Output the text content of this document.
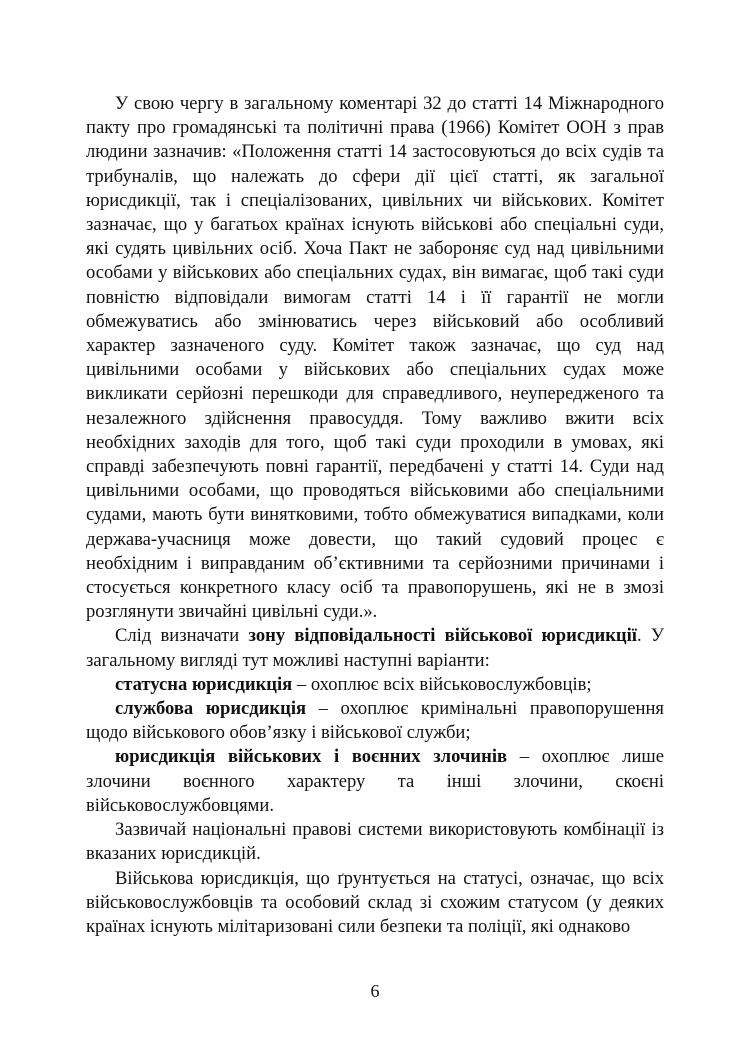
У свою чергу в загальному коментарі 32 до статті 14 Міжнародного пакту про громадянські та політичні права (1966) Комітет ООН з прав людини зазначив: «Положення статті 14 застосовуються до всіх судів та трибуналів, що належать до сфери дії цієї статті, як загальної юрисдикції, так і спеціалізованих, цивільних чи військових. Комітет зазначає, що у багатьох країнах існують військові або спеціальні суди, які судять цивільних осіб. Хоча Пакт не забороняє суд над цивільними особами у військових або спеціальних судах, він вимагає, щоб такі суди повністю відповідали вимогам статті 14 і її гарантії не могли обмежуватись або змінюватись через військовий або особливий характер зазначеного суду. Комітет також зазначає, що суд над цивільними особами у військових або спеціальних судах може викликати серйозні перешкоди для справедливого, неупередженого та незалежного здійснення правосуддя. Тому важливо вжити всіх необхідних заходів для того, щоб такі суди проходили в умовах, які справді забезпечують повні гарантії, передбачені у статті 14. Суди над цивільними особами, що проводяться військовими або спеціальними судами, мають бути винятковими, тобто обмежуватися випадками, коли держава-учасниця може довести, що такий судовий процес є необхідним і виправданим об’єктивними та серйозними причинами і стосується конкретного класу осіб та правопорушень, які не в змозі розглянути звичайні цивільні суди.».

Слід визначати зону відповідальності військової юрисдикції. У загальному вигляді тут можливі наступні варіанти:

статусна юрисдикція – охоплює всіх військовослужбовців;

службова юрисдикція – охоплює кримінальні правопорушення щодо військового обов’язку і військової служби;

юрисдикція військових і воєнних злочинів – охоплює лише злочини воєнного характеру та інші злочини, скоєні військовослужбовцями.

Зазвичай національні правові системи використовують комбінації із вказаних юрисдикцій.

Військова юрисдикція, що ґрунтується на статусі, означає, що всіх військовослужбовців та особовий склад зі схожим статусом (у деяких країнах існують мілітаризовані сили безпеки та поліції, які однаково

6
